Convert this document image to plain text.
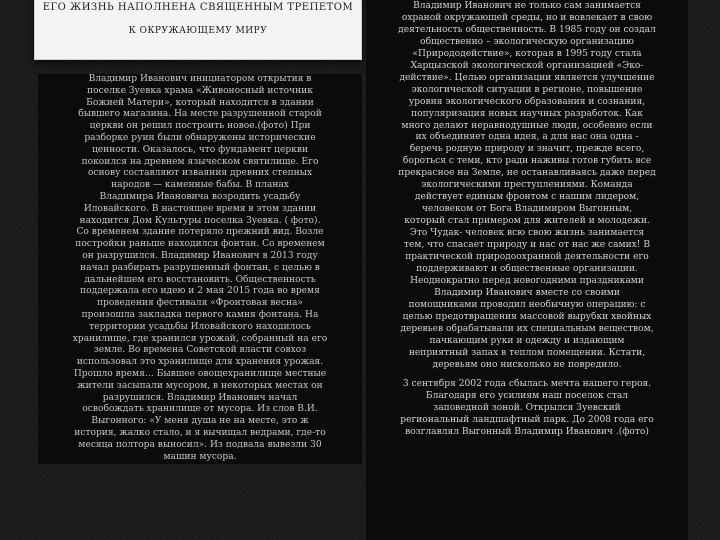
ЕГО ЖИЗНЬ НАПОЛНЕНА СВЯЩЕННЫМ ТРЕПЕТОМ
К ОКРУЖАЮЩЕМУ МИРУ

Владимир Иванович инициатором открытия в
поселке Зуевка храма «Живоносный источник
Божией Матери», который находится в здании
бывшего магазина. На месте разрушенной старой
церкви он решил построить новое.(фото) При
разборке руин были обнаружены исторические
ценности. Оказалось, что фундамент церкви
покоился на древнем языческом святилище. Его
основу составляют изваяния древних степных
народов — каменные бабы. В планах
Владимира Ивановича возродить усадьбу
Иловайского. В настоящее время в этом здании
находится Дом Культуры поселка Зуевка. ( фото).
Со временем здание потеряло прежний вид. Возле
постройки раньше находился фонтан. Со временем
он разрушился. Владимир Иванович в 2013 году
начал разбирать разрушенный фонтан, с целью в
дальнейшем его восстановить. Общественность
поддержала его идею и 2 мая 2015 года во время
проведения фестиваля «Фронтовая весна»
произошла закладка первого камня фонтана. На
территории усадьбы Иловайского находилось
хранилище, где хранился урожай, собранный на его
земле. Во времена Советской власти совхоз
использовал это хранилище для хранения урожая.
Прошло время… Бывшее овощехранилище местные
жители засыпали мусором, в некоторых местах он
разрушился. Владимир Иванович начал
освобождать хранилище от мусора. Из слов В.И.
Выгонного: «У меня душа не на месте, это ж
история, жалко стало, и я вычищал ведрами, где-то
месяца полтора выносил». Из подвала вывезли 30
машин мусора.

Владимир Иванович не только сам занимается
охраной окружающей среды, но и вовлекает в свою
деятельность общественность. В 1985 году он создал
общественно – экологическую организацию
«Природодействие», которая в 1995 году стала
Харцызской экологической организацией «Эко-
действие». Целью организации является улучшение
экологической ситуации в регионе, повышение
уровня экологического образования и сознания,
популяризация новых научных разработок. Как
много делают неравнодушные люди, особенно если
их объединяет одна идея, а для нас она одна -
беречь родную природу и значит, прежде всего,
бороться с теми, кто ради наживы готов губить все
прекрасное на Земле, не останавливаясь даже перед
экологическими преступлениями. Команда
действует единым фронтом с нашим лидером,
человеком от Бога Владимиром Выгонным,
который стал примером для жителей и молодежи.
Это Чудак- человек всю свою жизнь занимается
тем, что спасает природу и нас от нас же самих! В
практической природоохранной деятельности его
поддерживают и общественные организации.
Неоднократно перед новогодними праздниками
Владимир Иванович вместе со своими
помощниками проводил необычную операцию: с
целью предотвращения массовой вырубки хвойных
деревьев обрабатывали их специальным веществом,
пачкающим руки и одежду и издающим
неприятный запах в теплом помещении. Кстати,
деревьям оно нисколько не повредило.

3 сентября 2002 года сбылась мечта нашего героя.
Благодаря его усилиям наш поселок стал
заповедной зоной. Открылся Зуевский
региональный ландшафтный парк. До 2008 года его
возглавлял Выгонный Владимир Иванович .(фото)
